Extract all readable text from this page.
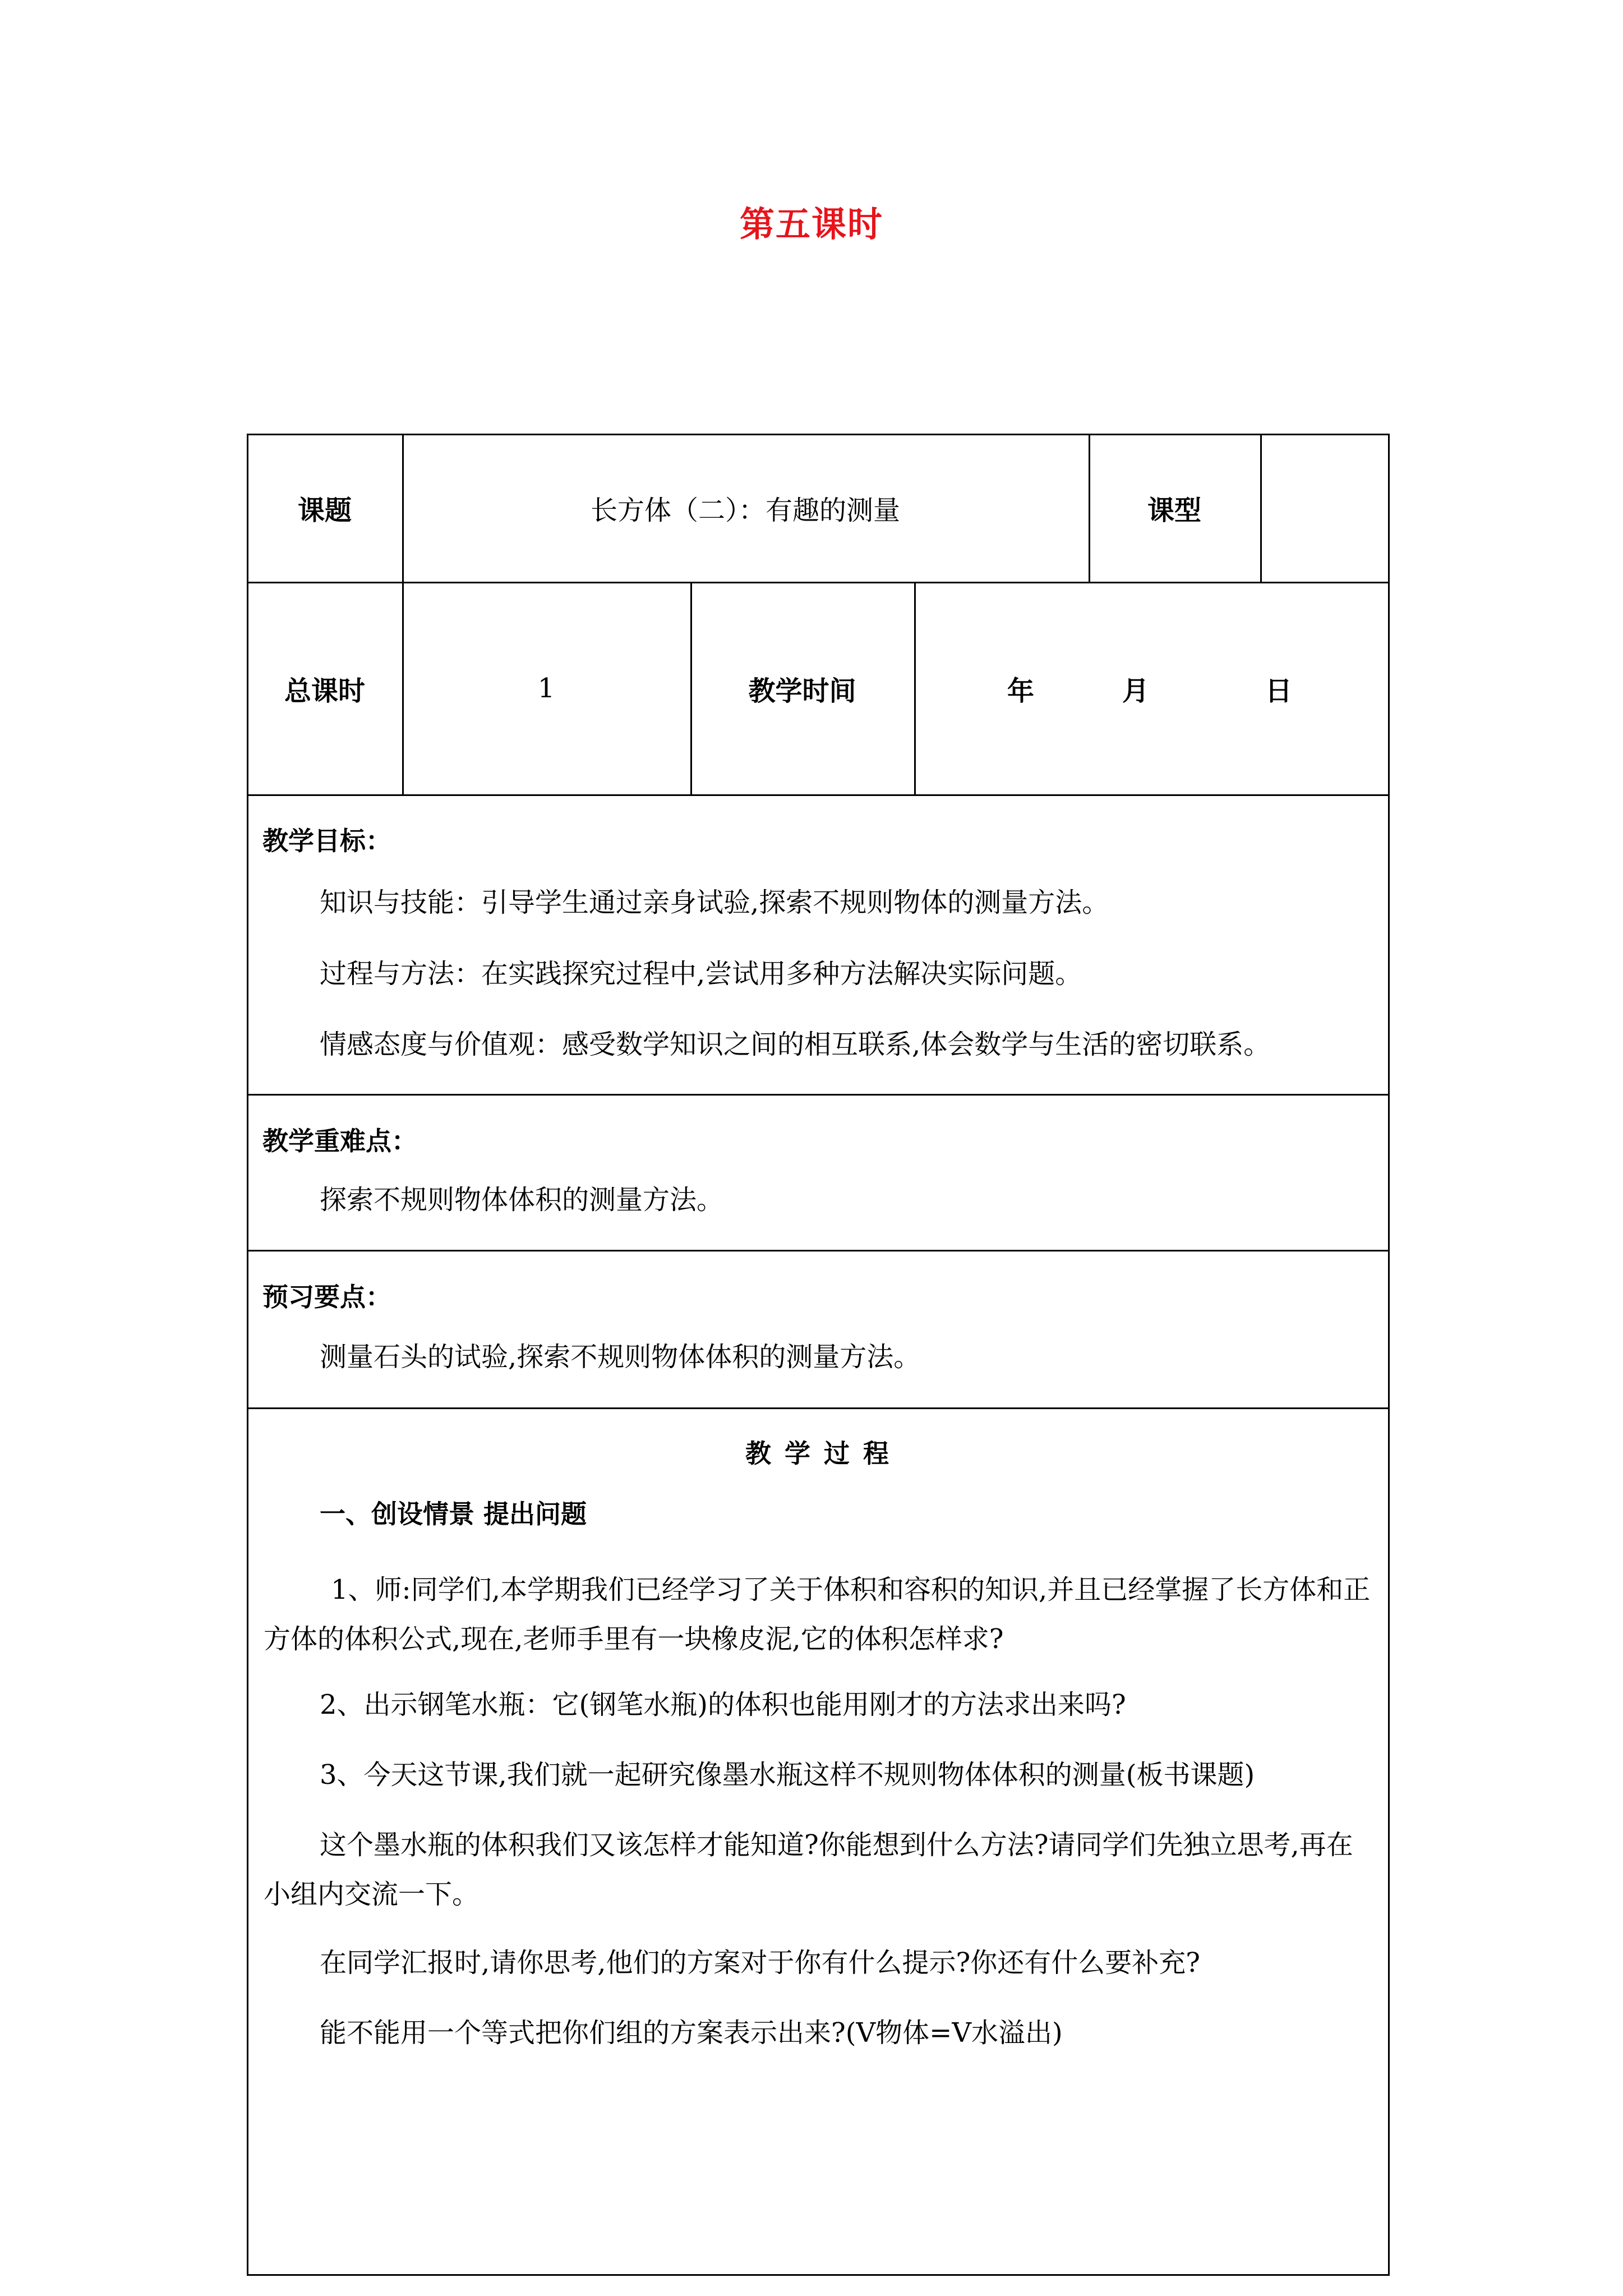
第五课时
课题	长方体（二）：有趣的测量	课型
总课时	1	教学时间	年	月	日
教学目标：
知识与技能：引导学生通过亲身试验,探索不规则物体的测量方法。
过程与方法：在实践探究过程中,尝试用多种方法解决实际问题。
情感态度与价值观：感受数学知识之间的相互联系,体会数学与生活的密切联系。
教学重难点：
探索不规则物体体积的测量方法。
预习要点：
测量石头的试验,探索不规则物体体积的测量方法。
教 学 过 程
一、创设情景 提出问题
1、师:同学们,本学期我们已经学习了关于体积和容积的知识,并且已经掌握了长方体和正方体的体积公式,现在,老师手里有一块橡皮泥,它的体积怎样求?
2、出示钢笔水瓶：它(钢笔水瓶)的体积也能用刚才的方法求出来吗?
3、今天这节课,我们就一起研究像墨水瓶这样不规则物体体积的测量(板书课题)
这个墨水瓶的体积我们又该怎样才能知道?你能想到什么方法?请同学们先独立思考,再在小组内交流一下。
在同学汇报时,请你思考,他们的方案对于你有什么提示?你还有什么要补充?
能不能用一个等式把你们组的方案表示出来?(V物体=V水溢出)
